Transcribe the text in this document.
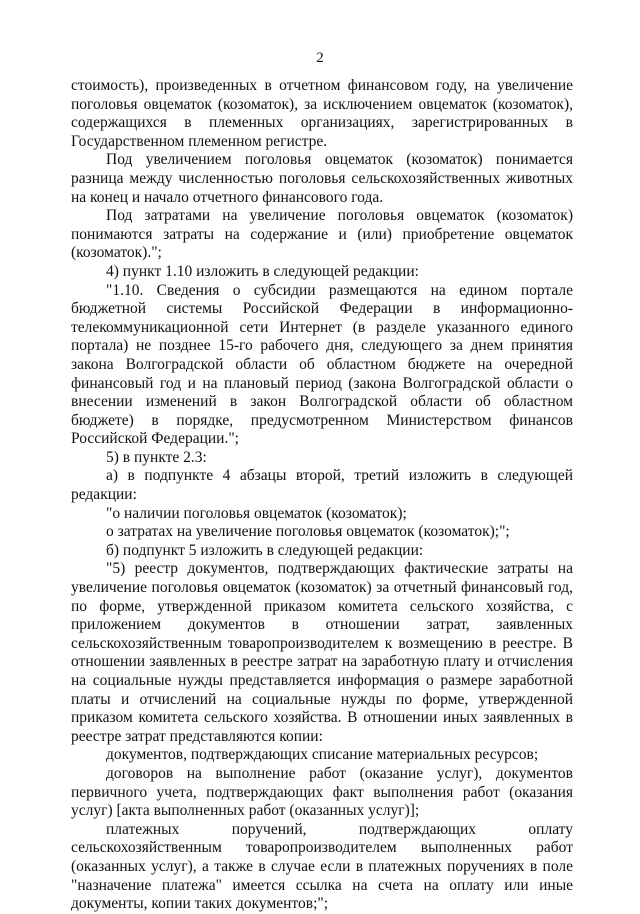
2

стоимость), произведенных в отчетном финансовом году, на увеличение поголовья овцематок (козоматок), за исключением овцематок (козоматок), содержащихся в племенных организациях, зарегистрированных в Государственном племенном регистре.

Под увеличением поголовья овцематок (козоматок) понимается разница между численностью поголовья сельскохозяйственных животных на конец и начало отчетного финансового года.

Под затратами на увеличение поголовья овцематок (козоматок) понимаются затраты на содержание и (или) приобретение овцематок (козоматок).";

4) пункт 1.10 изложить в следующей редакции:

"1.10. Сведения о субсидии размещаются на едином портале бюджетной системы Российской Федерации в информационно-телекоммуникационной сети Интернет (в разделе указанного единого портала) не позднее 15-го рабочего дня, следующего за днем принятия закона Волгоградской области об областном бюджете на очередной финансовый год и на плановый период (закона Волгоградской области о внесении изменений в закон Волгоградской области об областном бюджете) в порядке, предусмотренном Министерством финансов Российской Федерации.";

5) в пункте 2.3:

а) в подпункте 4 абзацы второй, третий изложить в следующей редакции:

"о наличии поголовья овцематок (козоматок);

о затратах на увеличение поголовья овцематок (козоматок);";

б) подпункт 5 изложить в следующей редакции:

"5) реестр документов, подтверждающих фактические затраты на увеличение поголовья овцематок (козоматок) за отчетный финансовый год, по форме, утвержденной приказом комитета сельского хозяйства, с приложением документов в отношении затрат, заявленных сельскохозяйственным товаропроизводителем к возмещению в реестре. В отношении заявленных в реестре затрат на заработную плату и отчисления на социальные нужды представляется информация о размере заработной платы и отчислений на социальные нужды по форме, утвержденной приказом комитета сельского хозяйства. В отношении иных заявленных в реестре затрат представляются копии:

документов, подтверждающих списание материальных ресурсов;

договоров на выполнение работ (оказание услуг), документов первичного учета, подтверждающих факт выполнения работ (оказания услуг) [акта выполненных работ (оказанных услуг)];

платежных поручений, подтверждающих оплату сельскохозяйственным товаропроизводителем выполненных работ (оказанных услуг), а также в случае если в платежных поручениях в поле "назначение платежа" имеется ссылка на счета на оплату или иные документы, копии таких документов;";
